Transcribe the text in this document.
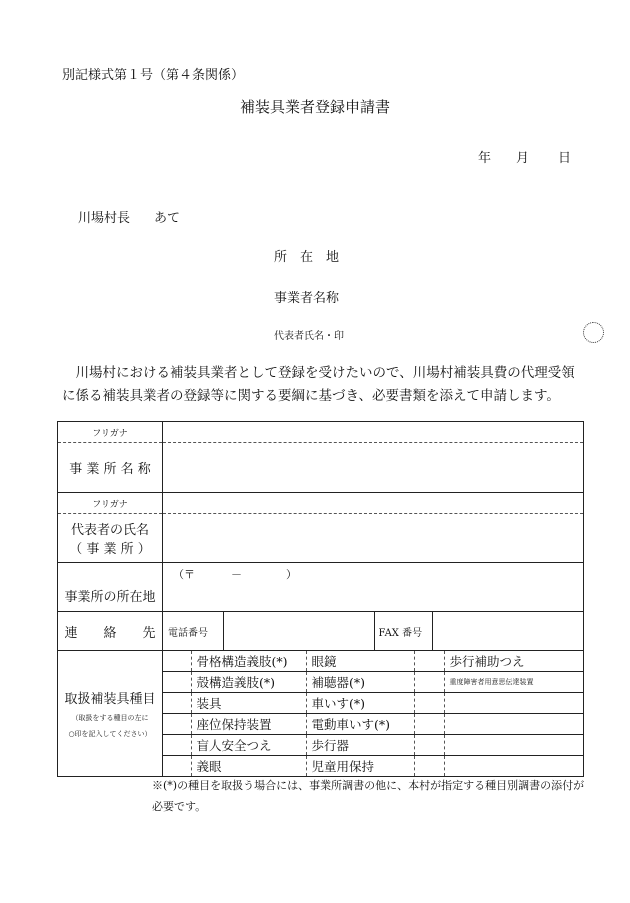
別記様式第１号（第４条関係）
補装具業者登録申請書
年 月 日
川場村長 あて
所　在　地
事業者名称
代表者氏名・印
川場村における補装具業者として登録を受けたいので、川場村補装具費の代理受領に係る補装具業者の登録等に関する要綱に基づき、必要書類を添えて申請します。
フリガナ	
事 業 所 名 称	
フリガナ	

代表者の氏名
（ 事 業 所 ）

事業所の所在地	（〒	－	）
連　　絡　　先	電話番号		FAX 番号	

取扱補装具種目
（取扱をする種目の左に
○印を記入してください）

	骨格構造義肢(*)	眼鏡		歩行補助つえ
	殻構造義肢(*)	補聴器(*)		重度障害者用意思伝達装置
	装具	車いす(*)		
	座位保持装置	電動車いす(*)		
	盲人安全つえ	歩行器		
	義眼	児童用保持		
※(*)の種目を取扱う場合には、事業所調書の他に、本村が指定する種目別調書の添付が
必要です。
